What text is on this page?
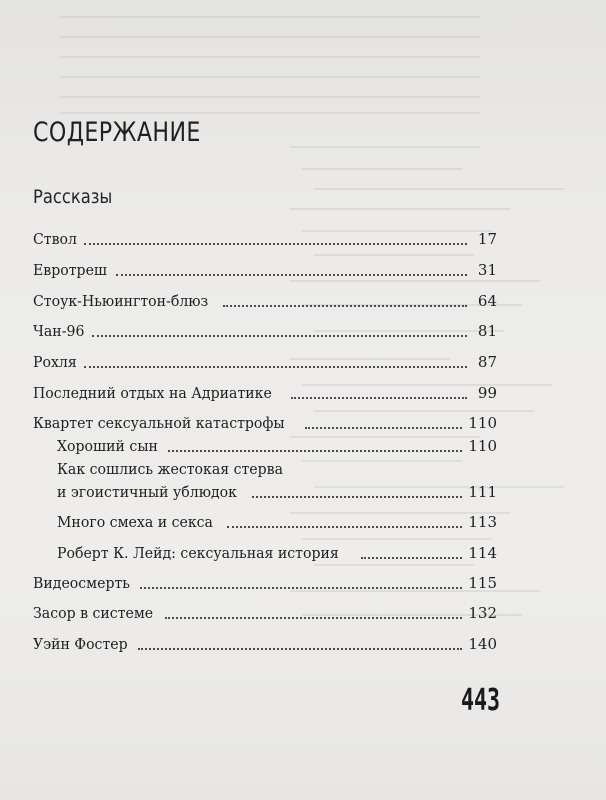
СОДЕРЖАНИЕ
Рассказы
Ствол	17
Евротреш	31
Стоук-Ньюингтон-блюз	64
Чан-96	81
Рохля	87
Последний отдых на Адриатике	99
Квартет сексуальной катастрофы	110
Хороший сын	110
Как сошлись жестокая стерва
и эгоистичный ублюдок	111
Много смеха и секса	113
Роберт К. Лейд: сексуальная история	114
Видеосмерть	115
Засор в системе	132
Уэйн Фостер	140
443
